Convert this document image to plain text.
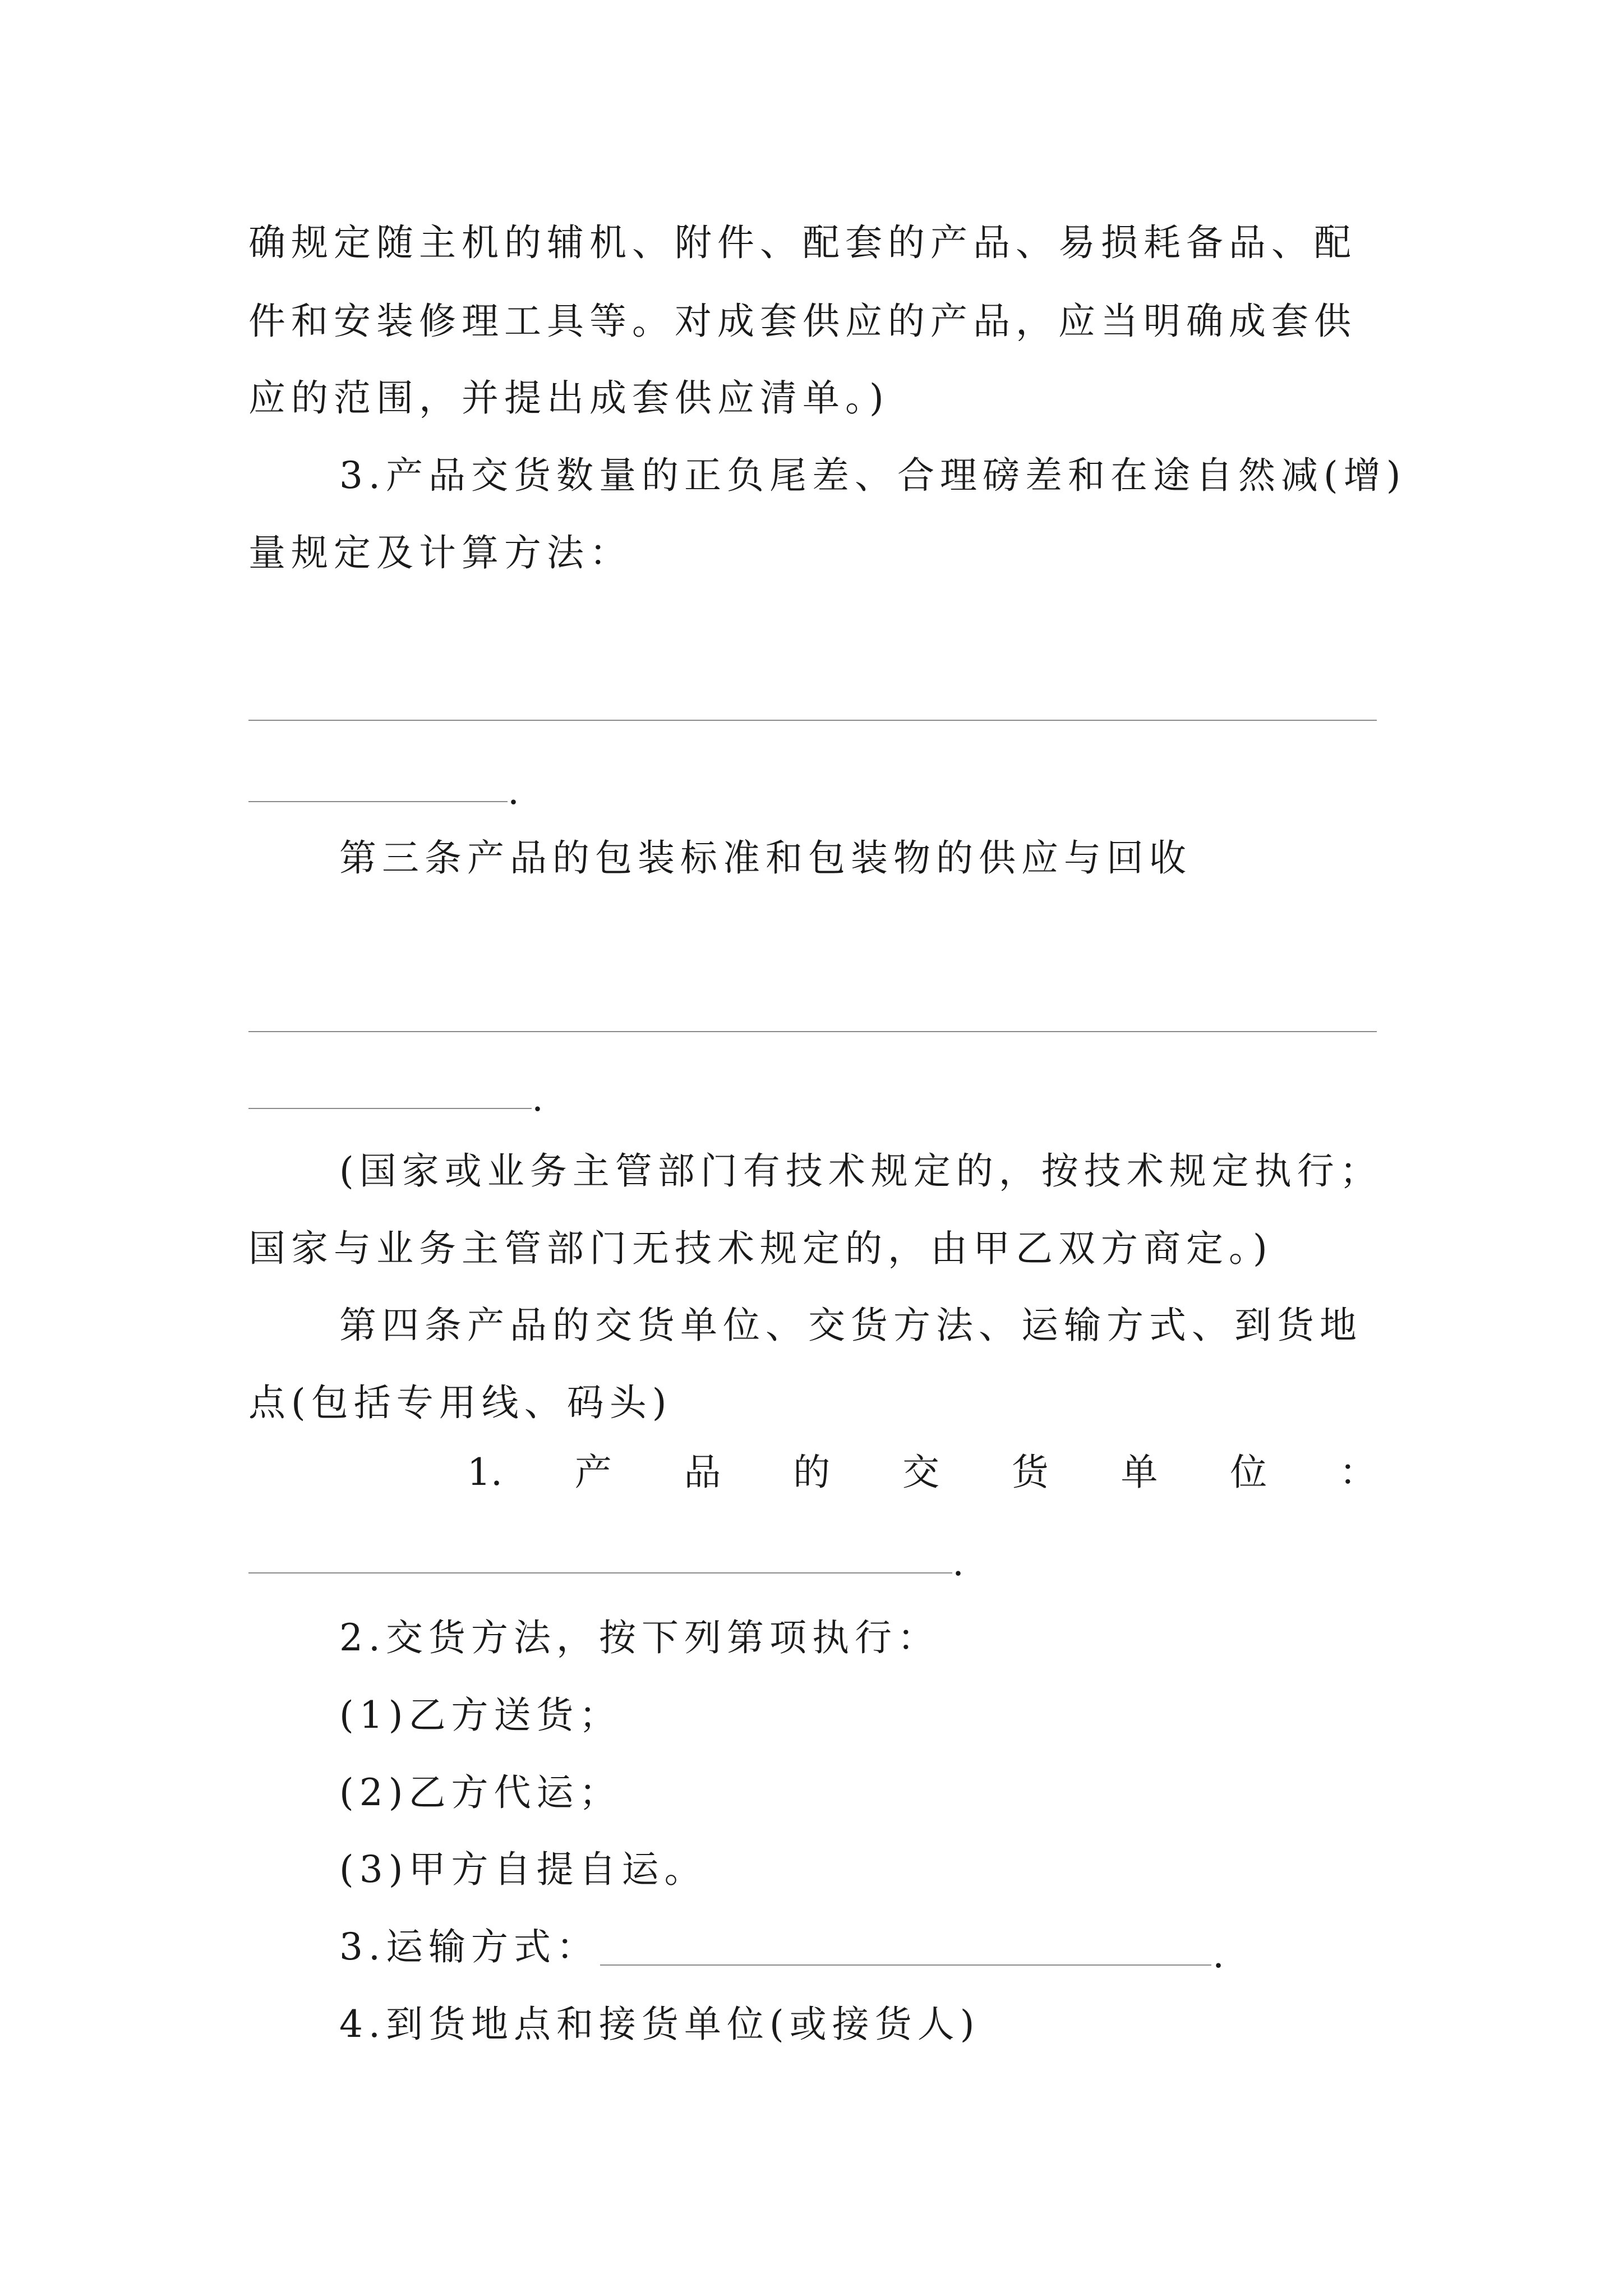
确规定随主机的辅机、附件、配套的产品、易损耗备品、配
件和安装修理工具等。对成套供应的产品，应当明确成套供
应的范围，并提出成套供应清单。)
3.产品交货数量的正负尾差、合理磅差和在途自然减(增)
量规定及计算方法：
.
第三条产品的包装标准和包装物的供应与回收
.
(国家或业务主管部门有技术规定的，按技术规定执行；
国家与业务主管部门无技术规定的，由甲乙双方商定。)
第四条产品的交货单位、交货方法、运输方式、到货地
点(包括专用线、码头)
1. 产 品 的 交 货 单 位 ：
.
2.交货方法，按下列第项执行：
(1)乙方送货；
(2)乙方代运；
(3)甲方自提自运。
3.运输方式：	.
4.到货地点和接货单位(或接货人)
